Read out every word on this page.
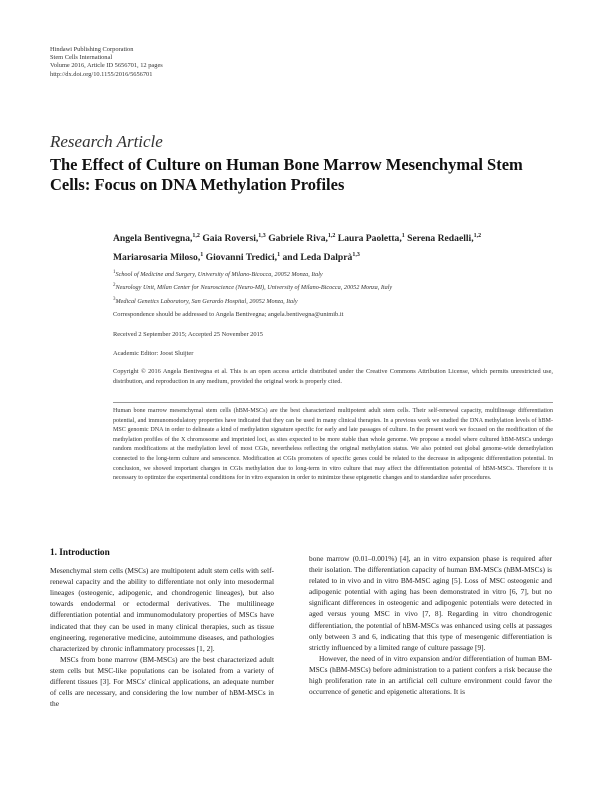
Hindawi Publishing Corporation
Stem Cells International
Volume 2016, Article ID 5656701, 12 pages
http://dx.doi.org/10.1155/2016/5656701
Research Article
The Effect of Culture on Human Bone Marrow Mesenchymal Stem Cells: Focus on DNA Methylation Profiles
Angela Bentivegna,$^{1,2}$ Gaia Roversi,$^{1,3}$ Gabriele Riva,$^{1,2}$ Laura Paoletta,$^1$ Serena Redaelli,$^{1,2}$
Mariarosaria Miloso,$^1$ Giovanni Tredici,$^1$ and Leda Dalprà$^{1,3}$
$^1$School of Medicine and Surgery, University of Milano-Bicocca, 20052 Monza, Italy
$^2$Neurology Unit, Milan Center for Neuroscience (Neuro-MI), University of Milano-Bicocca, 20052 Monza, Italy
$^3$Medical Genetics Laboratory, San Gerardo Hospital, 20052 Monza, Italy
Correspondence should be addressed to Angela Bentivegna; angela.bentivegna@unimib.it
Received 2 September 2015; Accepted 25 November 2015
Academic Editor: Joost Sluijter
Copyright © 2016 Angela Bentivegna et al. This is an open access article distributed under the Creative Commons Attribution License, which permits unrestricted use, distribution, and reproduction in any medium, provided the original work is properly cited.
Human bone marrow mesenchymal stem cells (hBM-MSCs) are the best characterized multipotent adult stem cells. Their self-renewal capacity, multilineage differentiation potential, and immunomodulatory properties have indicated that they can be used in many clinical therapies. In a previous work we studied the DNA methylation levels of hBM-MSC genomic DNA in order to delineate a kind of methylation signature specific for early and late passages of culture. In the present work we focused on the modification of the methylation profiles of the X chromosome and imprinted loci, as sites expected to be more stable than whole genome. We propose a model where cultured hBM-MSCs undergo random modifications at the methylation level of most CGIs, nevertheless reflecting the original methylation status. We also pointed out global genome-wide demethylation connected to the long-term culture and senescence. Modification at CGIs promoters of specific genes could be related to the decrease in adipogenic differentiation potential. In conclusion, we showed important changes in CGIs methylation due to long-term in vitro culture that may affect the differentiation potential of hBM-MSCs. Therefore it is necessary to optimize the experimental conditions for in vitro expansion in order to minimize these epigenetic changes and to standardize safer procedures.
1. Introduction

Mesenchymal stem cells (MSCs) are multipotent adult stem cells with self-renewal capacity and the ability to differentiate not only into mesodermal lineages (osteogenic, adipogenic, and chondrogenic lineages), but also towards endodermal or ectodermal derivatives. The multilineage differentiation potential and immunomodulatory properties of MSCs have indicated that they can be used in many clinical therapies, such as tissue engineering, regenerative medicine, autoimmune diseases, and pathologies characterized by chronic inflammatory processes [1, 2].

MSCs from bone marrow (BM-MSCs) are the best characterized adult stem cells but MSC-like populations can be isolated from a variety of different tissues [3]. For MSCs' clinical applications, an adequate number of cells are necessary, and considering the low number of hBM-MSCs in the

bone marrow (0.01–0.001%) [4], an in vitro expansion phase is required after their isolation. The differentiation capacity of human BM-MSCs (hBM-MSCs) is related to in vivo and in vitro BM-MSC aging [5]. Loss of MSC osteogenic and adipogenic potential with aging has been demonstrated in vitro [6, 7], but no significant differences in osteogenic and adipogenic potentials were detected in aged versus young MSC in vivo [7, 8]. Regarding in vitro chondrogenic differentiation, the potential of hBM-MSCs was enhanced using cells at passages only between 3 and 6, indicating that this type of mesengenic differentiation is strictly influenced by a limited range of culture passage [9].

However, the need of in vitro expansion and/or differentiation of human BM-MSCs (hBM-MSCs) before administration to a patient confers a risk because the high proliferation rate in an artificial cell culture environment could favor the occurrence of genetic and epigenetic alterations. It is
